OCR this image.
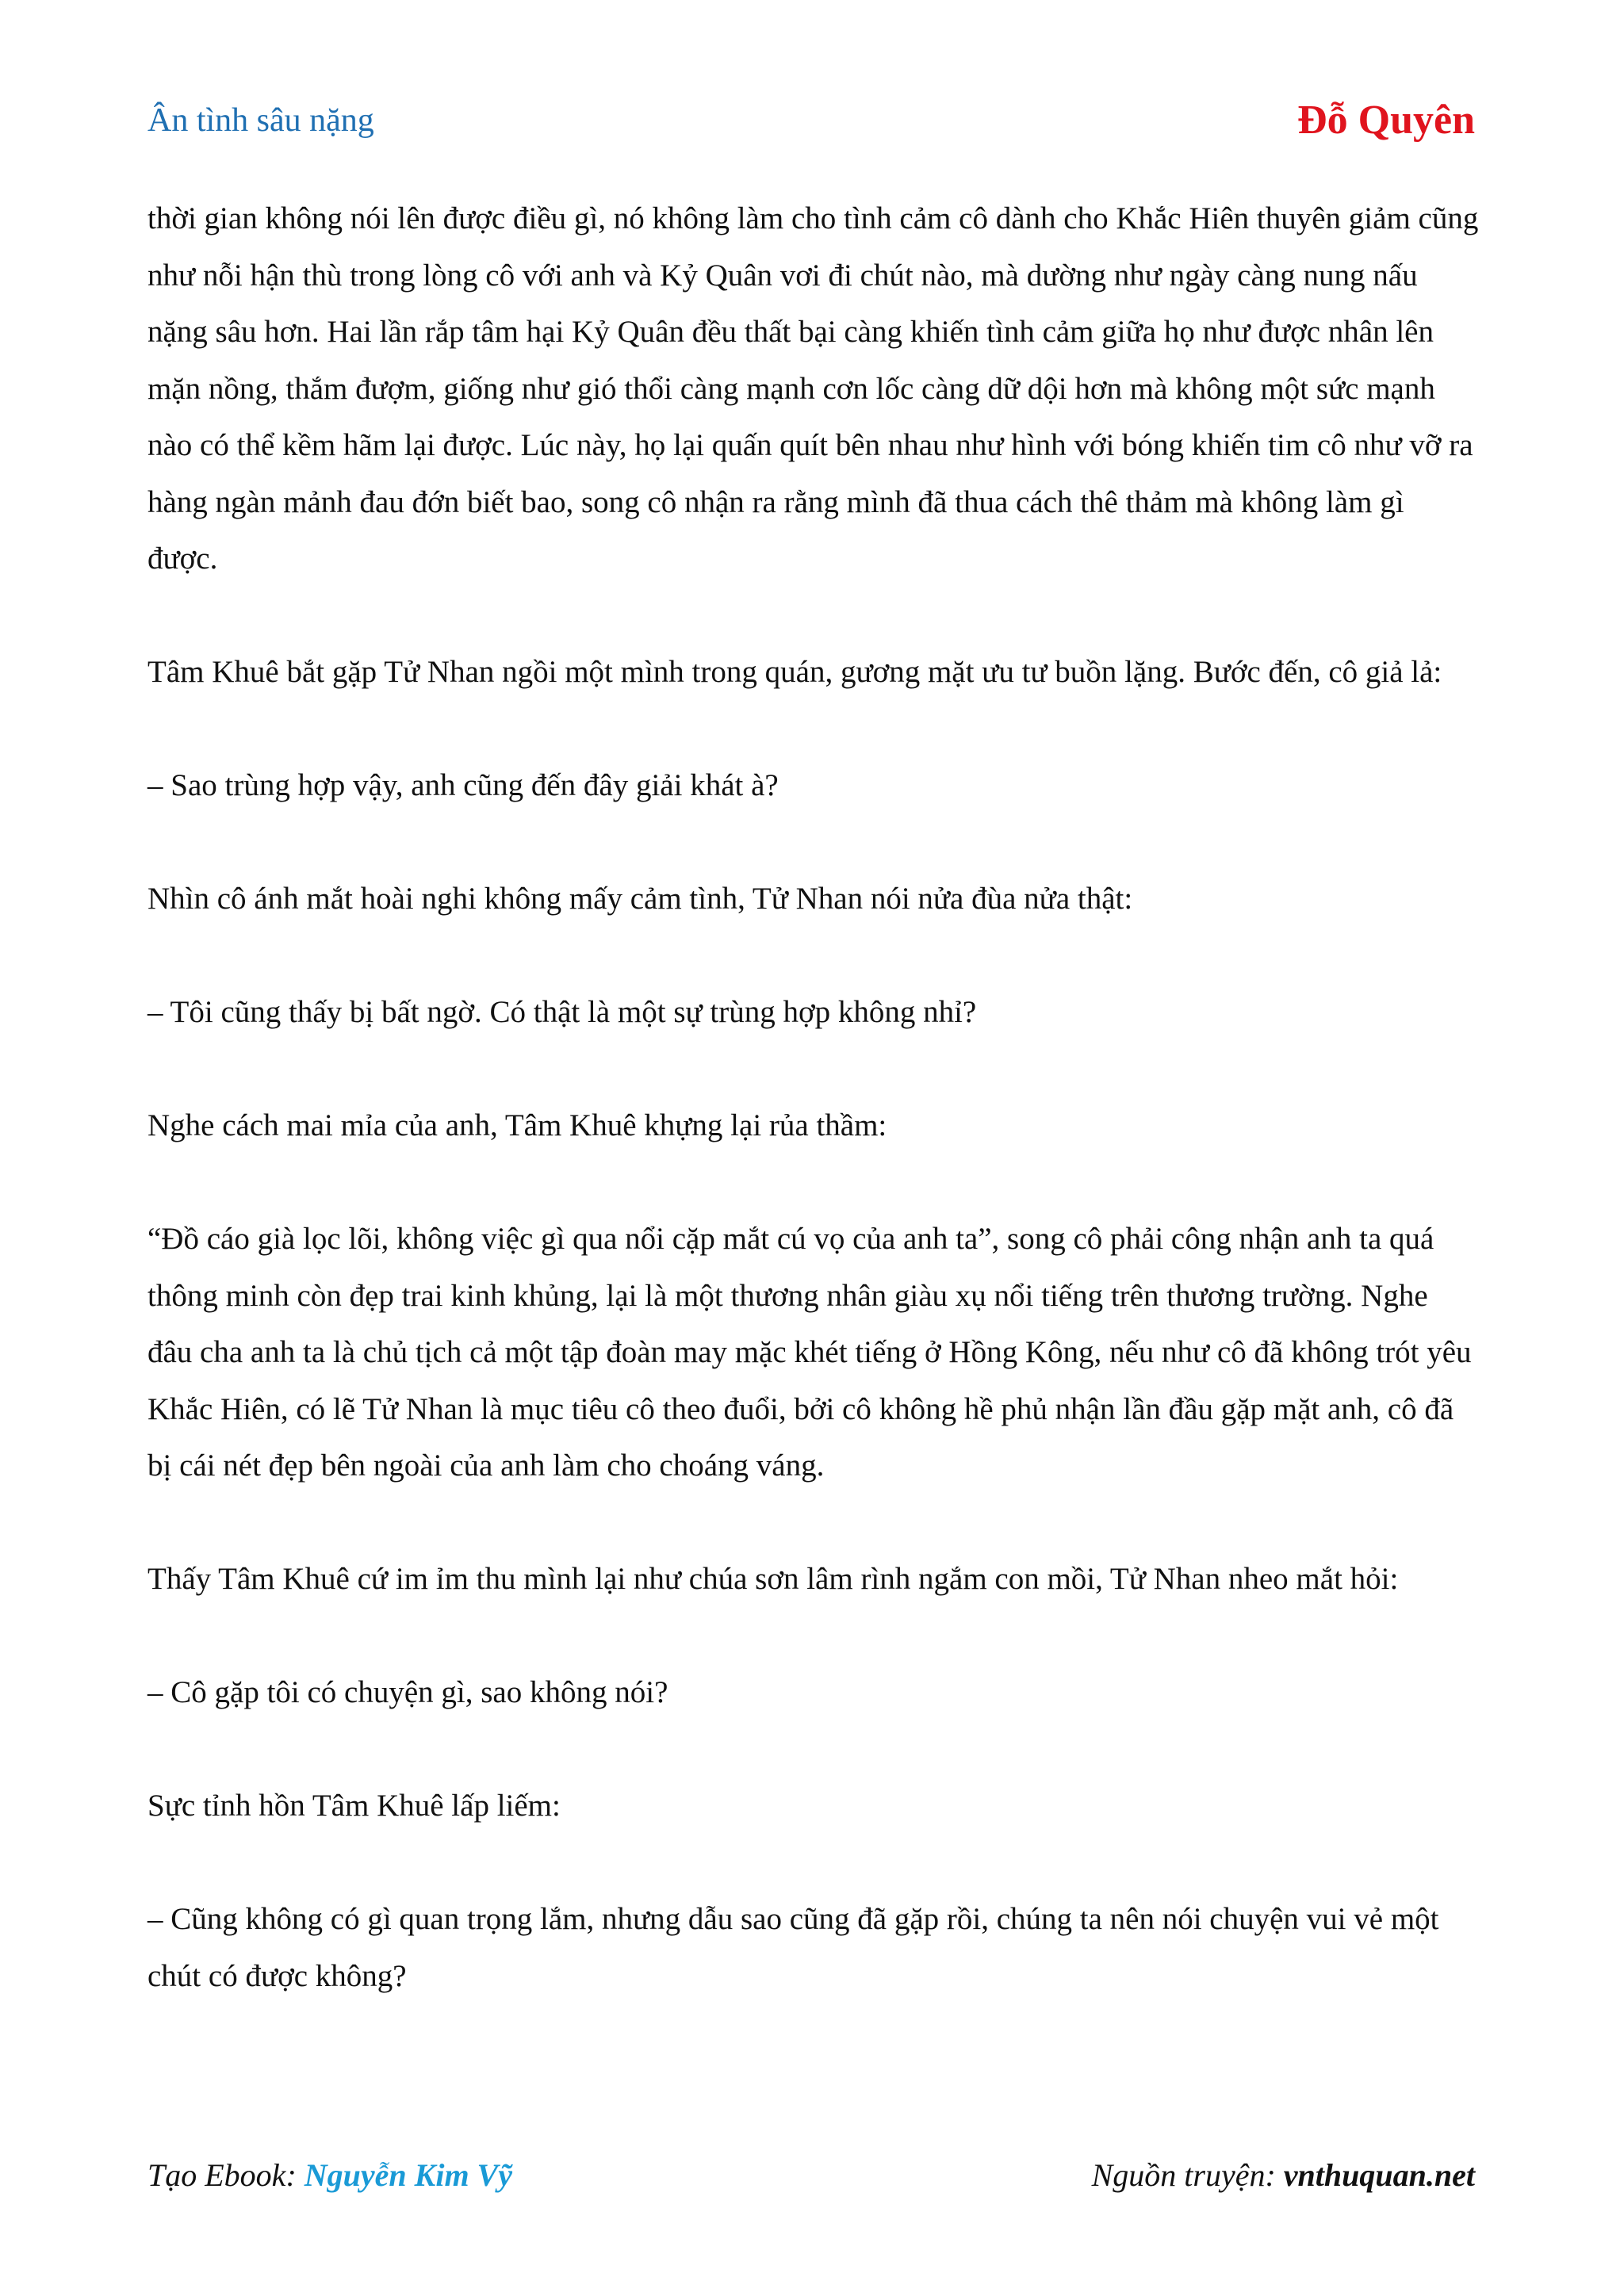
Ân tình sâu nặng	Đỗ Quyên

thời gian không nói lên được điều gì, nó không làm cho tình cảm cô dành cho Khắc Hiên thuyên giảm cũng như nỗi hận thù trong lòng cô với anh và Kỷ Quân vơi đi chút nào, mà dường như ngày càng nung nấu nặng sâu hơn. Hai lần rắp tâm hại Kỷ Quân đều thất bại càng khiến tình cảm giữa họ như được nhân lên mặn nồng, thắm đượm, giống như gió thổi càng mạnh cơn lốc càng dữ dội hơn mà không một sức mạnh nào có thể kềm hãm lại được. Lúc này, họ lại quấn quít bên nhau như hình với bóng khiến tim cô như vỡ ra hàng ngàn mảnh đau đớn biết bao, song cô nhận ra rằng mình đã thua cách thê thảm mà không làm gì được.

Tâm Khuê bắt gặp Tử Nhan ngồi một mình trong quán, gương mặt ưu tư buồn lặng. Bước đến, cô giả lả:

– Sao trùng hợp vậy, anh cũng đến đây giải khát à?

Nhìn cô ánh mắt hoài nghi không mấy cảm tình, Tử Nhan nói nửa đùa nửa thật:

– Tôi cũng thấy bị bất ngờ. Có thật là một sự trùng hợp không nhỉ?

Nghe cách mai mỉa của anh, Tâm Khuê khựng lại rủa thầm:

“Đồ cáo già lọc lõi, không việc gì qua nổi cặp mắt cú vọ của anh ta”, song cô phải công nhận anh ta quá thông minh còn đẹp trai kinh khủng, lại là một thương nhân giàu xụ nổi tiếng trên thương trường. Nghe đâu cha anh ta là chủ tịch cả một tập đoàn may mặc khét tiếng ở Hồng Kông, nếu như cô đã không trót yêu Khắc Hiên, có lẽ Tử Nhan là mục tiêu cô theo đuổi, bởi cô không hề phủ nhận lần đầu gặp mặt anh, cô đã bị cái nét đẹp bên ngoài của anh làm cho choáng váng.

Thấy Tâm Khuê cứ im ỉm thu mình lại như chúa sơn lâm rình ngắm con mồi, Tử Nhan nheo mắt hỏi:

– Cô gặp tôi có chuyện gì, sao không nói?

Sực tỉnh hồn Tâm Khuê lấp liếm:

– Cũng không có gì quan trọng lắm, nhưng dẫu sao cũng đã gặp rồi, chúng ta nên nói chuyện vui vẻ một chút có được không?

Tạo Ebook: Nguyễn Kim Vỹ	Nguồn truyện: vnthuquan.net
